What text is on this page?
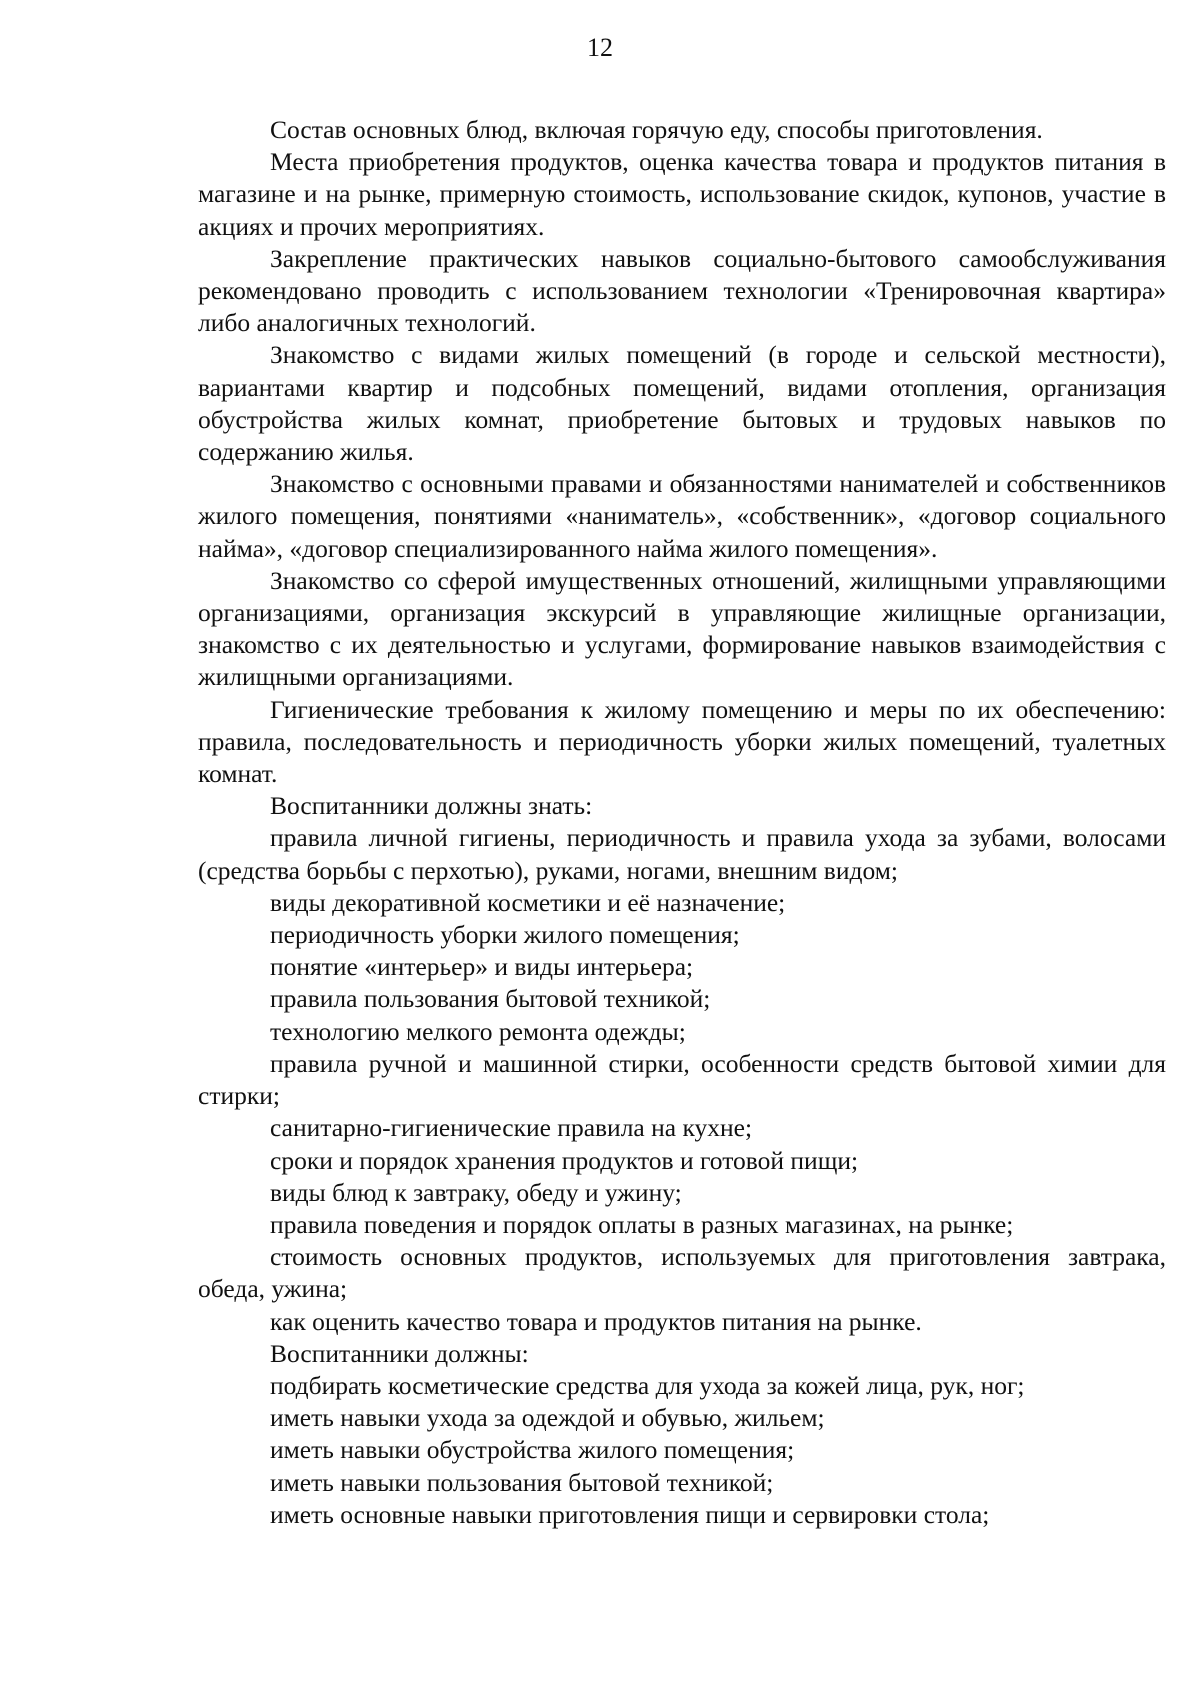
12

Состав основных блюд, включая горячую еду, способы приготовления.

Места приобретения продуктов, оценка качества товара и продуктов питания в магазине и на рынке, примерную стоимость, использование скидок, купонов, участие в акциях и прочих мероприятиях.

Закрепление практических навыков социально-бытового самообслуживания рекомендовано проводить с использованием технологии «Тренировочная квартира» либо аналогичных технологий.

Знакомство с видами жилых помещений (в городе и сельской местности), вариантами квартир и подсобных помещений, видами отопления, организация обустройства жилых комнат, приобретение бытовых и трудовых навыков по содержанию жилья.

Знакомство с основными правами и обязанностями нанимателей и собственников жилого помещения, понятиями «наниматель», «собственник», «договор социального найма», «договор специализированного найма жилого помещения».

Знакомство со сферой имущественных отношений, жилищными управляющими организациями, организация экскурсий в управляющие жилищные организации, знакомство с их деятельностью и услугами, формирование навыков взаимодействия с жилищными организациями.

Гигиенические требования к жилому помещению и меры по их обеспечению: правила, последовательность и периодичность уборки жилых помещений, туалетных комнат.

Воспитанники должны знать:

правила личной гигиены, периодичность и правила ухода за зубами, волосами (средства борьбы с перхотью), руками, ногами, внешним видом;

виды декоративной косметики и её назначение;

периодичность уборки жилого помещения;

понятие «интерьер» и виды интерьера;

правила пользования бытовой техникой;

технологию мелкого ремонта одежды;

правила ручной и машинной стирки, особенности средств бытовой химии для стирки;

санитарно-гигиенические правила на кухне;

сроки и порядок хранения продуктов и готовой пищи;

виды блюд к завтраку, обеду и ужину;

правила поведения и порядок оплаты в разных магазинах, на рынке;

стоимость основных продуктов, используемых для приготовления завтрака, обеда, ужина;

как оценить качество товара и продуктов питания на рынке.

Воспитанники должны:

подбирать косметические средства для ухода за кожей лица, рук, ног;

иметь навыки ухода за одеждой и обувью, жильем;

иметь навыки обустройства жилого помещения;

иметь навыки пользования бытовой техникой;

иметь основные навыки приготовления пищи и сервировки стола;
